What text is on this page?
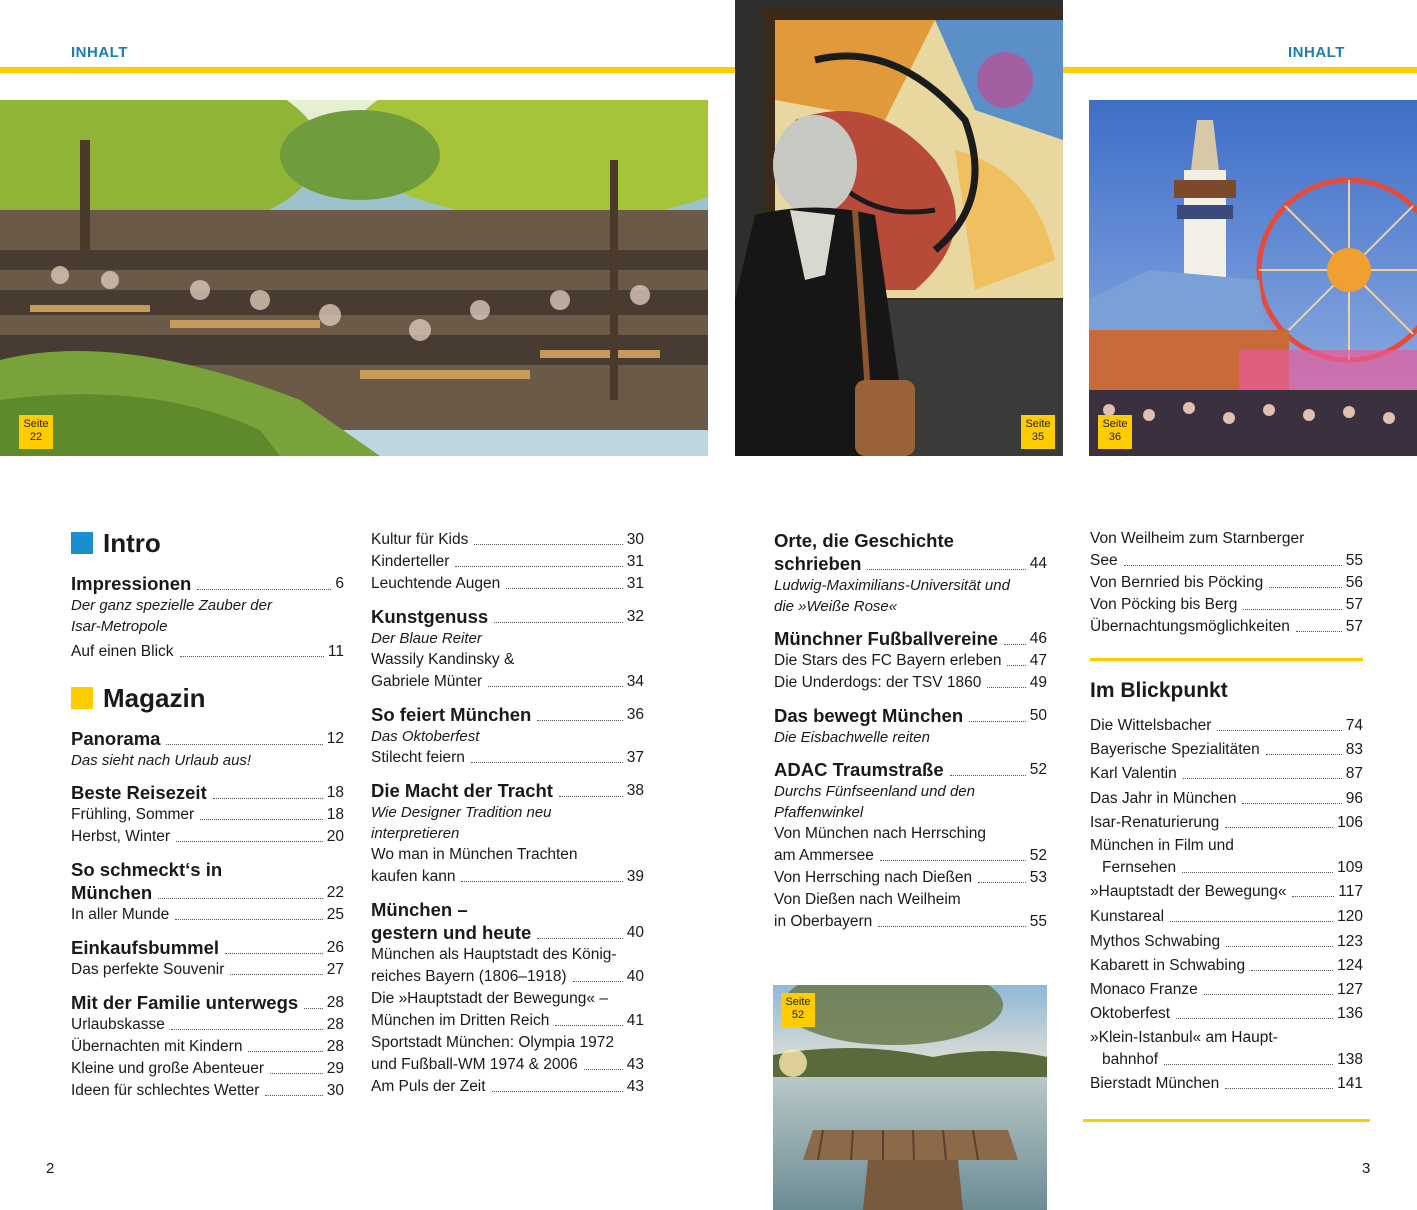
INHALT	INHALT
Seite
22
Seite
35
Seite
36
Seite
52
Intro
Impressionen	6
Der ganz spezielle Zauber der
Isar-Metropole
Auf einen Blick	11
Magazin
Panorama	12
Das sieht nach Urlaub aus!
Beste Reisezeit	18
Frühling, Sommer	18
Herbst, Winter	20
So schmeckt‘s in
München	22
In aller Munde	25
Einkaufsbummel	26
Das perfekte Souvenir	27
Mit der Familie unterwegs 28
Urlaubskasse	28
Übernachten mit Kindern	28
Kleine und große Abenteuer	29
Ideen für schlechtes Wetter	30
Kultur für Kids	30
Kinderteller	31
Leuchtende Augen	31
Kunstgenuss	32
Der Blaue Reiter
Wassily Kandinsky &
Gabriele Münter	34
So feiert München	36
Das Oktoberfest
Stilecht feiern	37
Die Macht der Tracht	38
Wie Designer Tradition neu
interpretieren
Wo man in München Trachten
kaufen kann	39
München –
gestern und heute	40
München als Hauptstadt des König-
reiches Bayern (1806–1918)	40
Die »Hauptstadt der Bewegung« –
München im Dritten Reich	41
Sportstadt München: Olympia 1972
und Fußball-WM 1974 & 2006	43
Am Puls der Zeit	43
Orte, die Geschichte
schrieben	44
Ludwig-Maximilians-Universität und
die »Weiße Rose«
Münchner Fußballvereine 46
Die Stars des FC Bayern erleben 47
Die Underdogs: der TSV 1860	49
Das bewegt München	50
Die Eisbachwelle reiten
ADAC Traumstraße	52
Durchs Fünfseenland und den
Pfaffenwinkel
Von München nach Herrsching
am Ammersee	52
Von Herrsching nach Dießen	53
Von Dießen nach Weilheim
in Oberbayern	55
Von Weilheim zum Starnberger
See	55
Von Bernried bis Pöcking	56
Von Pöcking bis Berg	57
Übernachtungsmöglichkeiten	57
Im Blickpunkt
Die Wittelsbacher	74
Bayerische Spezialitäten	83
Karl Valentin	87
Das Jahr in München	96
Isar-Renaturierung	106
München in Film und
Fernsehen	109
»Hauptstadt der Bewegung«	117
Kunstareal	120
Mythos Schwabing	123
Kabarett in Schwabing	124
Monaco Franze	127
Oktoberfest	136
»Klein-Istanbul« am Haupt-
bahnhof	138
Bierstadt München	141
2	3
